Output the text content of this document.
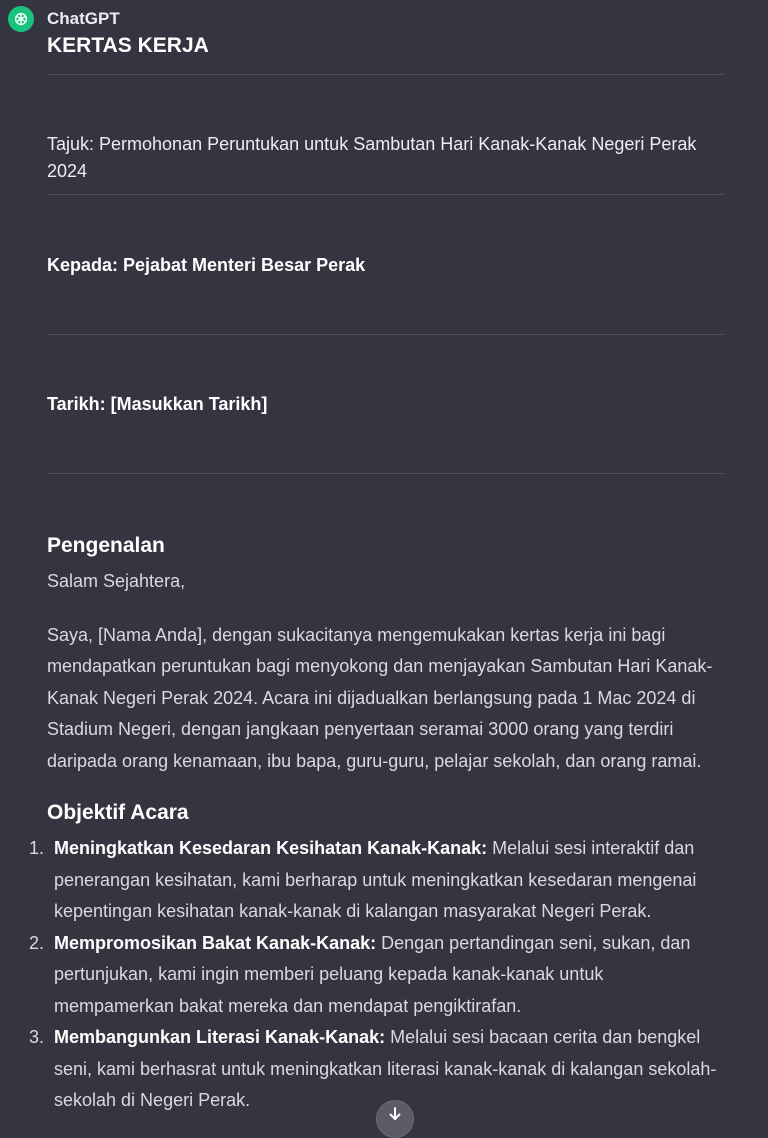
ChatGPT
KERTAS KERJA

Tajuk: Permohonan Peruntukan untuk Sambutan Hari Kanak-Kanak Negeri Perak 2024

Kepada: Pejabat Menteri Besar Perak

Tarikh: [Masukkan Tarikh]

Pengenalan

Salam Sejahtera,

Saya, [Nama Anda], dengan sukacitanya mengemukakan kertas kerja ini bagi mendapatkan peruntukan bagi menyokong dan menjayakan Sambutan Hari Kanak-Kanak Negeri Perak 2024. Acara ini dijadualkan berlangsung pada 1 Mac 2024 di Stadium Negeri, dengan jangkaan penyertaan seramai 3000 orang yang terdiri daripada orang kenamaan, ibu bapa, guru-guru, pelajar sekolah, dan orang ramai.

Objektif Acara
1. Meningkatkan Kesedaran Kesihatan Kanak-Kanak: Melalui sesi interaktif dan penerangan kesihatan, kami berharap untuk meningkatkan kesedaran mengenai kepentingan kesihatan kanak-kanak di kalangan masyarakat Negeri Perak.
2. Mempromosikan Bakat Kanak-Kanak: Dengan pertandingan seni, sukan, dan pertunjukan, kami ingin memberi peluang kepada kanak-kanak untuk mempamerkan bakat mereka dan mendapat pengiktirafan.
3. Membangunkan Literasi Kanak-Kanak: Melalui sesi bacaan cerita dan bengkel seni, kami berhasrat untuk meningkatkan literasi kanak-kanak di kalangan sekolah-sekolah di Negeri Perak.
